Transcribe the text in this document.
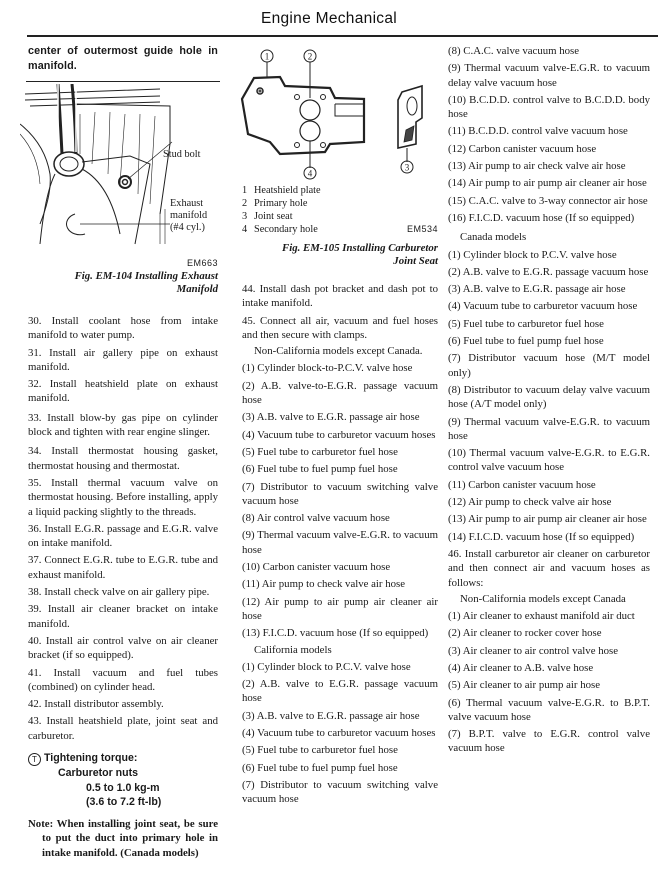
Engine Mechanical
center of outermost guide hole in manifold.
Stud bolt
Exhaust
manifold
(#4 cyl.)
EM663
Fig. EM-104 Installing Exhaust
Manifold

30. Install coolant hose from intake manifold to water pump.

31. Install air gallery pipe on exhaust manifold.

32. Install heatshield plate on exhaust manifold.

33. Install blow-by gas pipe on cylinder block and tighten with rear engine slinger.

34. Install thermostat housing gasket, thermostat housing and thermostat.

35. Install thermal vacuum valve on thermostat housing. Before installing, apply a liquid packing slightly to the threads.

36. Install E.G.R. passage and E.G.R. valve on intake manifold.

37. Connect E.G.R. tube to E.G.R. tube and exhaust manifold.

38. Install check valve on air gallery pipe.

39. Install air cleaner bracket on intake manifold.

40. Install air control valve on air cleaner bracket (if so equipped).

41. Install vacuum and fuel tubes (combined) on cylinder head.

42. Install distributor assembly.

43. Install heatshield plate, joint seat and carburetor.

T Tightening torque:
Carburetor nuts
0.5 to 1.0 kg-m
(3.6 to 7.2 ft-lb)
Note: When installing joint seat, be sure to put the duct into primary hole in intake manifold. (Canada models)
1	2
4
3
1 Heatshield plate
2 Primary hole
3 Joint seat
4 Secondary hole	EM534
Fig. EM-105 Installing Carburetor
Joint Seat

44. Install dash pot bracket and dash pot to intake manifold.

45. Connect all air, vacuum and fuel hoses and then secure with clamps.

Non-California models except Canada.

(1) Cylinder block-to-P.C.V. valve hose

(2) A.B. valve-to-E.G.R. passage vacuum hose

(3) A.B. valve to E.G.R. passage air hose

(4) Vacuum tube to carburetor vacuum hoses

(5) Fuel tube to carburetor fuel hose

(6) Fuel tube to fuel pump fuel hose

(7) Distributor to vacuum switching valve vacuum hose

(8) Air control valve vacuum hose

(9) Thermal vacuum valve-E.G.R. to vacuum hose

(10) Carbon canister vacuum hose

(11) Air pump to check valve air hose

(12) Air pump to air pump air cleaner air hose

(13) F.I.C.D. vacuum hose (If so equipped)

California models

(1) Cylinder block to P.C.V. valve hose

(2) A.B. valve to E.G.R. passage vacuum hose

(3) A.B. valve to E.G.R. passage air hose

(4) Vacuum tube to carburetor vacuum hoses

(5) Fuel tube to carburetor fuel hose

(6) Fuel tube to fuel pump fuel hose

(7) Distributor to vacuum switching valve vacuum hose

(8) C.A.C. valve vacuum hose

(9) Thermal vacuum valve-E.G.R. to vacuum delay valve vacuum hose

(10) B.C.D.D. control valve to B.C.D.D. body hose

(11) B.C.D.D. control valve vacuum hose

(12) Carbon canister vacuum hose

(13) Air pump to air check valve air hose

(14) Air pump to air pump air cleaner air hose

(15) C.A.C. valve to 3-way connector air hose

(16) F.I.C.D. vacuum hose (If so equipped)

Canada models

(1) Cylinder block to P.C.V. valve hose

(2) A.B. valve to E.G.R. passage vacuum hose

(3) A.B. valve to E.G.R. passage air hose

(4) Vacuum tube to carburetor vacuum hose

(5) Fuel tube to carburetor fuel hose

(6) Fuel tube to fuel pump fuel hose

(7) Distributor vacuum hose (M/T model only)

(8) Distributor to vacuum delay valve vacuum hose (A/T model only)

(9) Thermal vacuum valve-E.G.R. to vacuum hose

(10) Thermal vacuum valve-E.G.R. to E.G.R. control valve vacuum hose

(11) Carbon canister vacuum hose

(12) Air pump to check valve air hose

(13) Air pump to air pump air cleaner air hose

(14) F.I.C.D. vacuum hose (If so equipped)

46. Install carburetor air cleaner on carburetor and then connect air and vacuum hoses as follows:

Non-California models except Canada

(1) Air cleaner to exhaust manifold air duct

(2) Air cleaner to rocker cover hose

(3) Air cleaner to air control valve hose

(4) Air cleaner to A.B. valve hose

(5) Air cleaner to air pump air hose

(6) Thermal vacuum valve-E.G.R. to B.P.T. valve vacuum hose

(7) B.P.T. valve to E.G.R. control valve vacuum hose
